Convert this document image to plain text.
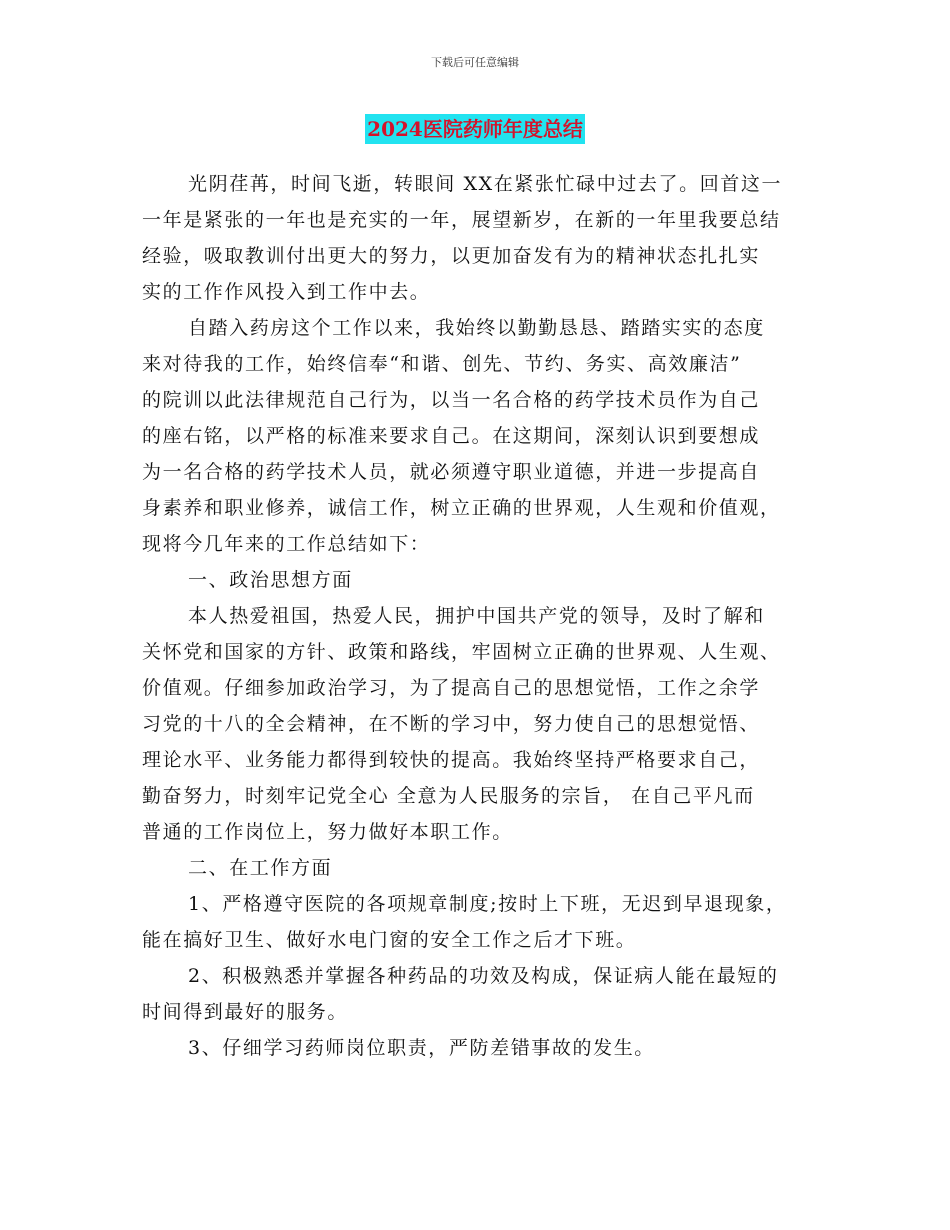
下载后可任意编辑
2024医院药师年度总结
光阴荏苒，时间飞逝，转眼间 XX在紧张忙碌中过去了。回首这一
一年是紧张的一年也是充实的一年，展望新岁，在新的一年里我要总结
经验，吸取教训付出更大的努力，以更加奋发有为的精神状态扎扎实
实的工作作风投入到工作中去。
自踏入药房这个工作以来，我始终以勤勤恳恳、踏踏实实的态度
来对待我的工作，始终信奉“和谐、创先、节约、务实、高效廉洁”
的院训以此法律规范自己行为，以当一名合格的药学技术员作为自己
的座右铭，以严格的标准来要求自己。在这期间，深刻认识到要想成
为一名合格的药学技术人员，就必须遵守职业道德，并进一步提高自
身素养和职业修养，诚信工作，树立正确的世界观，人生观和价值观，
现将今几年来的工作总结如下：
一、政治思想方面
本人热爱祖国，热爱人民，拥护中国共产党的领导，及时了解和
关怀党和国家的方针、政策和路线，牢固树立正确的世界观、人生观、
价值观。仔细参加政治学习，为了提高自己的思想觉悟，工作之余学
习党的十八的全会精神，在不断的学习中，努力使自己的思想觉悟、
理论水平、业务能力都得到较快的提高。我始终坚持严格要求自己，
勤奋努力，时刻牢记党全心 全意为人民服务的宗旨， 在自己平凡而
普通的工作岗位上，努力做好本职工作。
二、在工作方面
1、严格遵守医院的各项规章制度;按时上下班，无迟到早退现象，
能在搞好卫生、做好水电门窗的安全工作之后才下班。
2、积极熟悉并掌握各种药品的功效及构成，保证病人能在最短的
时间得到最好的服务。
3、仔细学习药师岗位职责，严防差错事故的发生。
